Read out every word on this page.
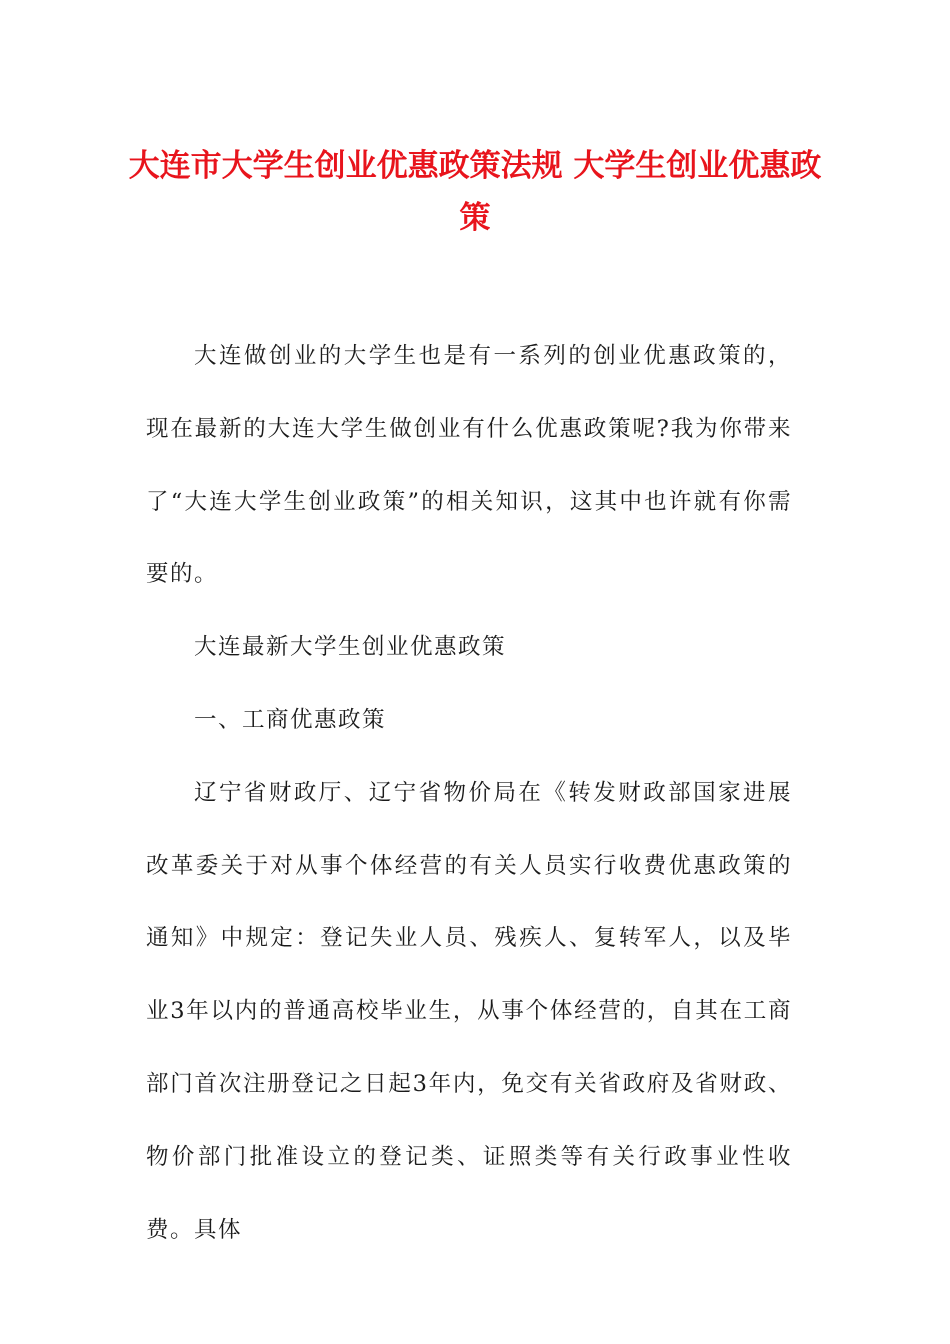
大连市大学生创业优惠政策法规 大学生创业优惠政策

大连做创业的大学生也是有一系列的创业优惠政策的，现在最新的大连大学生做创业有什么优惠政策呢?我为你带来了“大连大学生创业政策”的相关知识，这其中也许就有你需要的。

大连最新大学生创业优惠政策

一、工商优惠政策

辽宁省财政厅、辽宁省物价局在《转发财政部国家进展改革委关于对从事个体经营的有关人员实行收费优惠政策的通知》中规定：登记失业人员、残疾人、复转军人，以及毕业3年以内的普通高校毕业生，从事个体经营的，自其在工商部门首次注册登记之日起3年内，免交有关省政府及省财政、物价部门批准设立的登记类、证照类等有关行政事业性收费。具体
